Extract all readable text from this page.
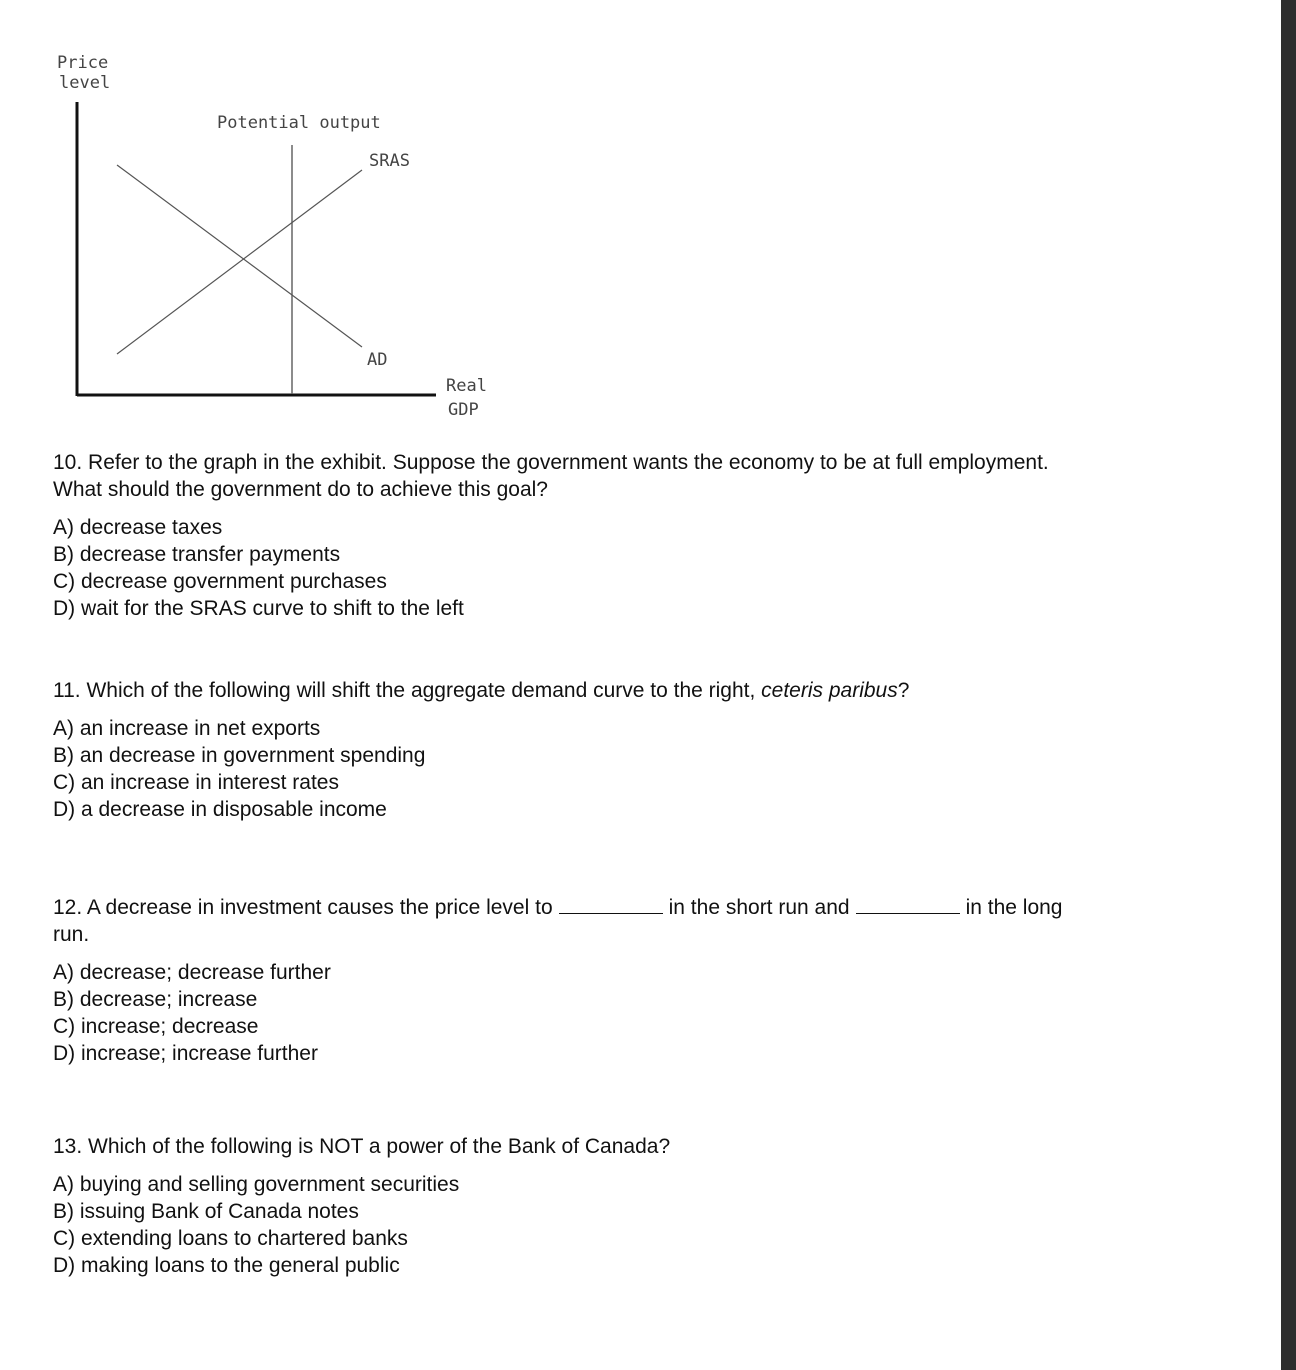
Price
level
Potential output
SRAS
AD
Real
GDP

10. Refer to the graph in the exhibit. Suppose the government wants the economy to be at full employment.

What should the government do to achieve this goal?

A) decrease taxes
B) decrease transfer payments
C) decrease government purchases
D) wait for the SRAS curve to shift to the left

11. Which of the following will shift the aggregate demand curve to the right, ceteris paribus?

A) an increase in net exports
B) an decrease in government spending
C) an increase in interest rates
D) a decrease in disposable income

12. A decrease in investment causes the price level to	in the short run and	in the long

run.

A) decrease; decrease further
B) decrease; increase
C) increase; decrease
D) increase; increase further

13. Which of the following is NOT a power of the Bank of Canada?

A) buying and selling government securities
B) issuing Bank of Canada notes
C) extending loans to chartered banks
D) making loans to the general public
